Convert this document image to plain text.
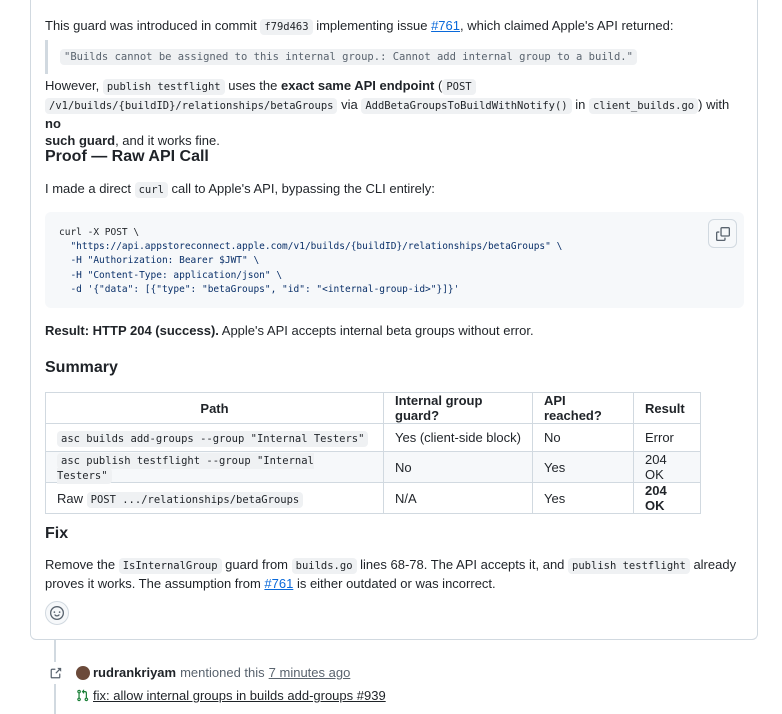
This guard was introduced in commit f79d463 implementing issue #761, which claimed Apple's API returned:

"Builds cannot be assigned to this internal group.: Cannot add internal group to a build."

However, publish testflight uses the exact same API endpoint ( POST
/v1/builds/{buildID}/relationships/betaGroups via AddBetaGroupsToBuildWithNotify() in client_builds.go ) with no
such guard, and it works fine.

Proof — Raw API Call

I made a direct curl call to Apple's API, bypassing the CLI entirely:

curl -X POST \
"https://api.appstoreconnect.apple.com/v1/builds/{buildID}/relationships/betaGroups" \
-H "Authorization: Bearer $JWT" \
-H "Content-Type: application/json" \
-d '{"data": [{"type": "betaGroups", "id": "<internal-group-id>"}]}'

Result: HTTP 204 (success). Apple's API accepts internal beta groups without error.

Summary
Path	Internal group guard?	API reached?	Result
asc builds add-groups --group "Internal Testers"	Yes (client-side block)	No	Error
asc publish testflight --group "Internal Testers"	No	Yes	204 OK
Raw POST .../relationships/betaGroups	N/A	Yes	204 OK
Fix

Remove the IsInternalGroup guard from builds.go lines 68-78. The API accepts it, and publish testflight already
proves it works. The assumption from #761 is either outdated or was incorrect.

rudrankriyam mentioned this 7 minutes ago
fix: allow internal groups in builds add-groups #939
